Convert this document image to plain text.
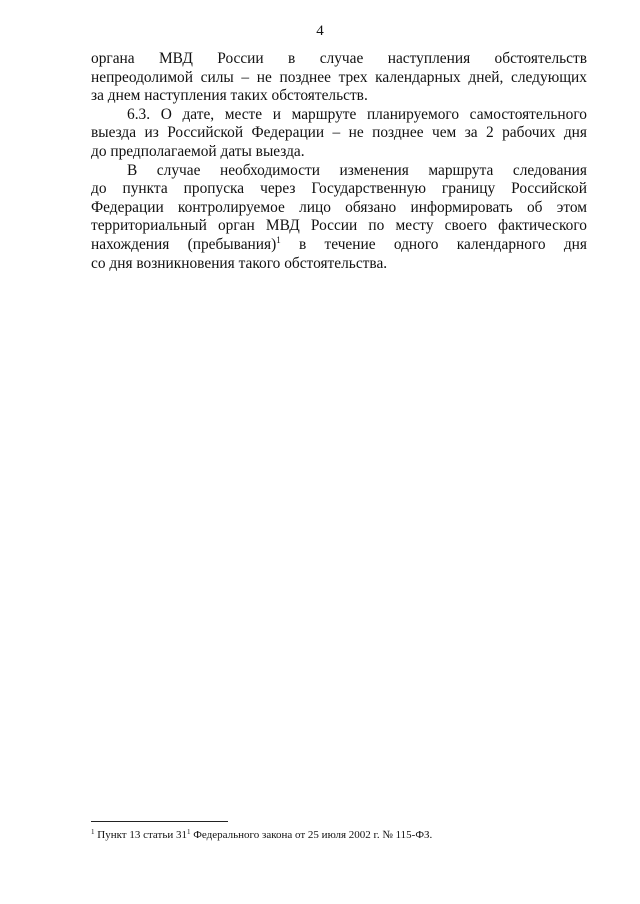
4

органа МВД России в случае наступления обстоятельств
непреодолимой силы – не позднее трех календарных дней, следующих
за днем наступления таких обстоятельств.

6.3. О дате, месте и маршруте планируемого самостоятельного
выезда из Российской Федерации – не позднее чем за 2 рабочих дня
до предполагаемой даты выезда.

В случае необходимости изменения маршрута следования
до пункта пропуска через Государственную границу Российской
Федерации контролируемое лицо обязано информировать об этом
территориальный орган МВД России по месту своего фактического
нахождения (пребывания)$^1$ в течение одного календарного дня
со дня возникновения такого обстоятельства.

$^1$ Пункт 13 статьи $31^1$ Федерального закона от 25 июля 2002 г. № 115-ФЗ.
